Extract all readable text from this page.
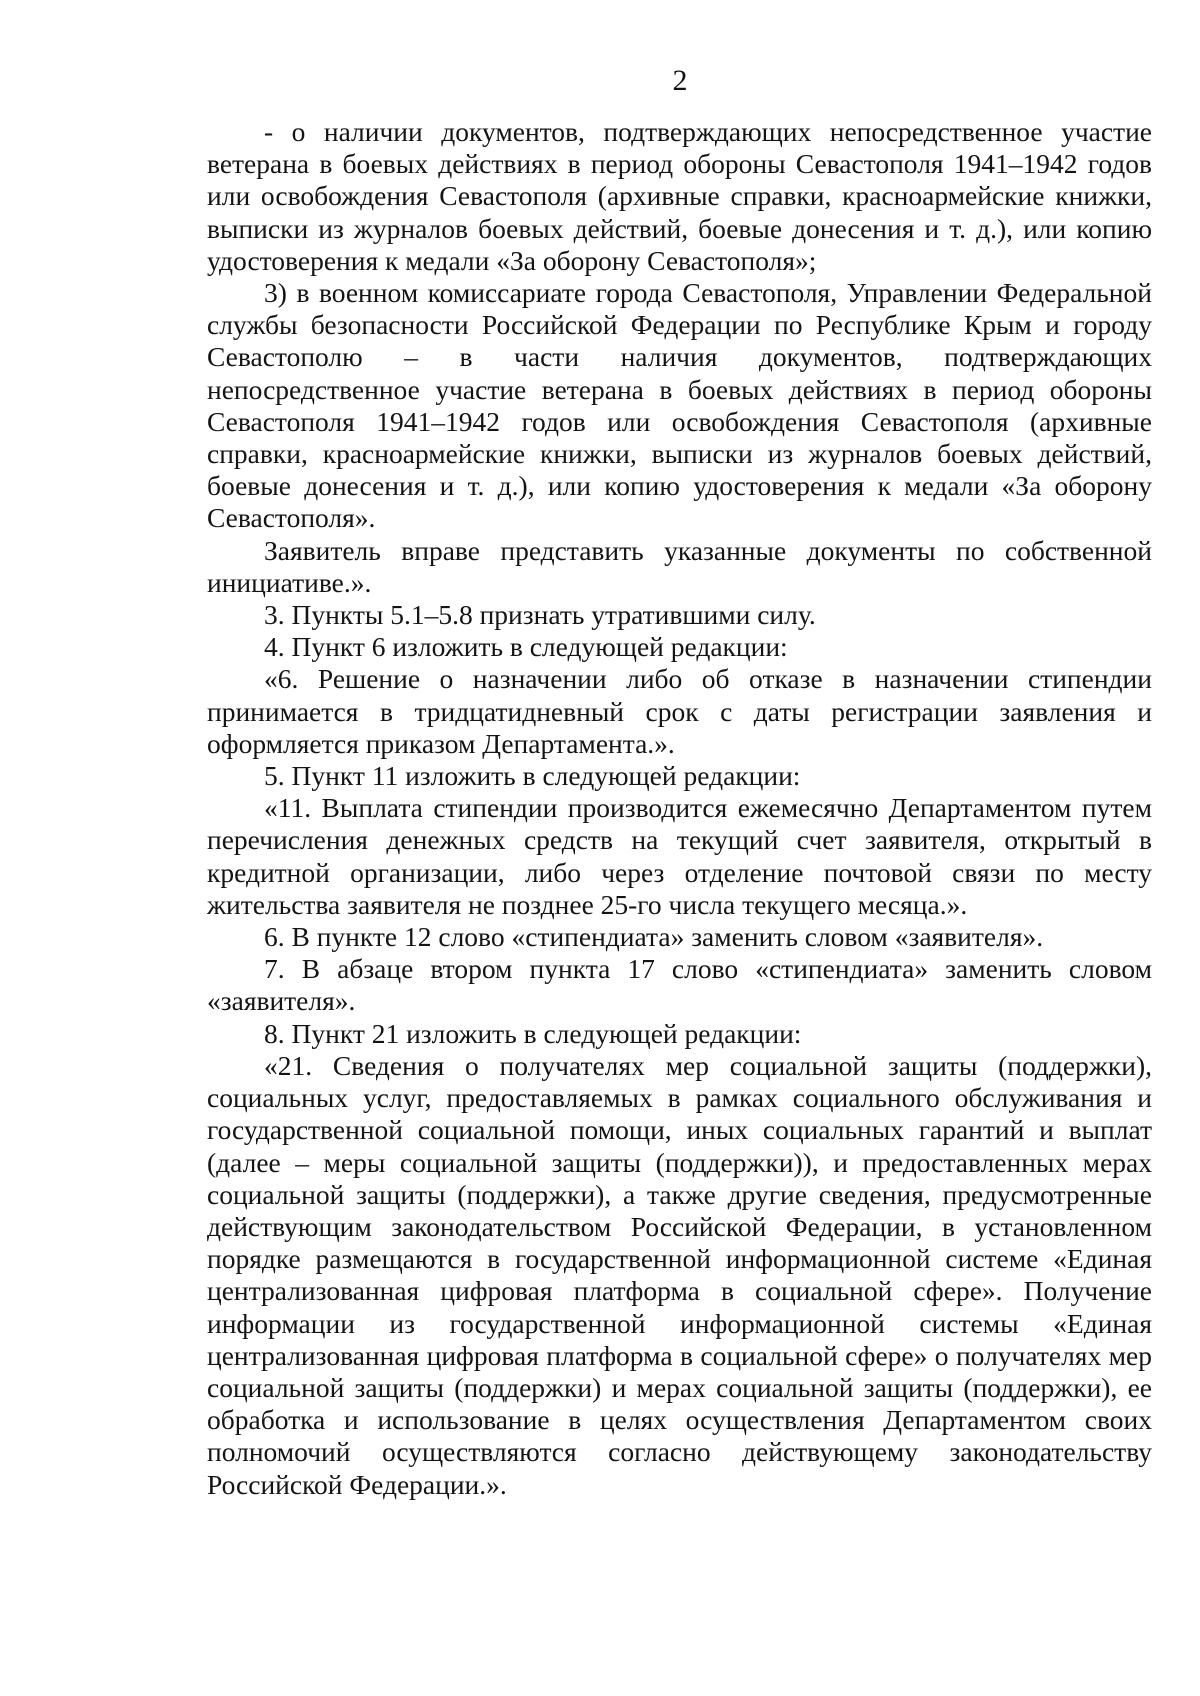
2

- о наличии документов, подтверждающих непосредственное участие ветерана в боевых действиях в период обороны Севастополя 1941–1942 годов или освобождения Севастополя (архивные справки, красноармейские книжки, выписки из журналов боевых действий, боевые донесения и т. д.), или копию удостоверения к медали «За оборону Севастополя»;

3) в военном комиссариате города Севастополя, Управлении Федеральной службы безопасности Российской Федерации по Республике Крым и городу Севастополю – в части наличия документов, подтверждающих непосредственное участие ветерана в боевых действиях в период обороны Севастополя 1941–1942 годов или освобождения Севастополя (архивные справки, красноармейские книжки, выписки из журналов боевых действий, боевые донесения и т. д.), или копию удостоверения к медали «За оборону Севастополя».

Заявитель вправе представить указанные документы по собственной инициативе.».

3. Пункты 5.1–5.8 признать утратившими силу.

4. Пункт 6 изложить в следующей редакции:

«6. Решение о назначении либо об отказе в назначении стипендии принимается в тридцатидневный срок с даты регистрации заявления и оформляется приказом Департамента.».

5. Пункт 11 изложить в следующей редакции:

«11. Выплата стипендии производится ежемесячно Департаментом путем перечисления денежных средств на текущий счет заявителя, открытый в кредитной организации, либо через отделение почтовой связи по месту жительства заявителя не позднее 25-го числа текущего месяца.».

6. В пункте 12 слово «стипендиата» заменить словом «заявителя».

7. В абзаце втором пункта 17 слово «стипендиата» заменить словом «заявителя».

8. Пункт 21 изложить в следующей редакции:

«21. Сведения о получателях мер социальной защиты (поддержки), социальных услуг, предоставляемых в рамках социального обслуживания и государственной социальной помощи, иных социальных гарантий и выплат (далее – меры социальной защиты (поддержки)), и предоставленных мерах социальной защиты (поддержки), а также другие сведения, предусмотренные действующим законодательством Российской Федерации, в установленном порядке размещаются в государственной информационной системе «Единая централизованная цифровая платформа в социальной сфере». Получение информации из государственной информационной системы «Единая централизованная цифровая платформа в социальной сфере» о получателях мер социальной защиты (поддержки) и мерах социальной защиты (поддержки), ее обработка и использование в целях осуществления Департаментом своих полномочий осуществляются согласно действующему законодательству Российской Федерации.».
